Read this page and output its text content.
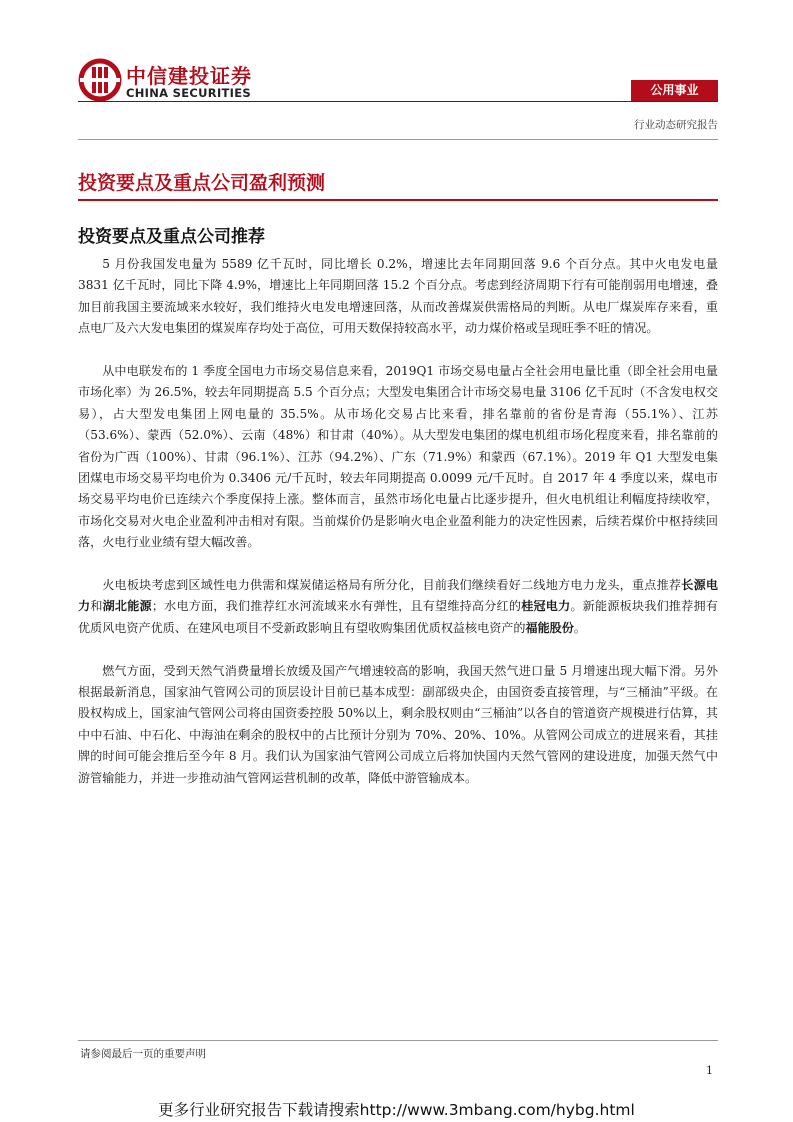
中信建投证券
CHINA SECURITIES	公用事业
行业动态研究报告
投资要点及重点公司盈利预测
投资要点及重点公司推荐

5 月份我国发电量为 5589 亿千瓦时，同比增长 0.2%，增速比去年同期回落 9.6 个百分点。其中火电发电量 3831 亿千瓦时，同比下降 4.9%，增速比上年同期回落 15.2 个百分点。考虑到经济周期下行有可能削弱用电增速，叠加目前我国主要流域来水较好，我们维持火电发电增速回落，从而改善煤炭供需格局的判断。从电厂煤炭库存来看，重点电厂及六大发电集团的煤炭库存均处于高位，可用天数保持较高水平，动力煤价格或呈现旺季不旺的情况。

从中电联发布的 1 季度全国电力市场交易信息来看，2019Q1 市场交易电量占全社会用电量比重（即全社会用电量市场化率）为 26.5%，较去年同期提高 5.5 个百分点；大型发电集团合计市场交易电量 3106 亿千瓦时（不含发电权交易），占大型发电集团上网电量的 35.5%。从市场化交易占比来看，排名靠前的省份是青海（55.1%）、江苏（53.6%）、蒙西（52.0%）、云南（48%）和甘肃（40%）。从大型发电集团的煤电机组市场化程度来看，排名靠前的省份为广西（100%）、甘肃（96.1%）、江苏（94.2%）、广东（71.9%）和蒙西（67.1%）。2019 年 Q1 大型发电集团煤电市场交易平均电价为 0.3406 元/千瓦时，较去年同期提高 0.0099 元/千瓦时。自 2017 年 4 季度以来，煤电市场交易平均电价已连续六个季度保持上涨。整体而言，虽然市场化电量占比逐步提升，但火电机组让利幅度持续收窄，市场化交易对火电企业盈利冲击相对有限。当前煤价仍是影响火电企业盈利能力的决定性因素，后续若煤价中枢持续回落，火电行业业绩有望大幅改善。

火电板块考虑到区域性电力供需和煤炭储运格局有所分化，目前我们继续看好二线地方电力龙头，重点推荐长源电力和湖北能源；水电方面，我们推荐红水河流域来水有弹性，且有望维持高分红的桂冠电力。新能源板块我们推荐拥有优质风电资产优质、在建风电项目不受新政影响且有望收购集团优质权益核电资产的福能股份。

燃气方面，受到天然气消费量增长放缓及国产气增速较高的影响，我国天然气进口量 5 月增速出现大幅下滑。另外根据最新消息，国家油气管网公司的顶层设计目前已基本成型：副部级央企，由国资委直接管理，与“三桶油”平级。在股权构成上，国家油气管网公司将由国资委控股 50%以上，剩余股权则由“三桶油”以各自的管道资产规模进行估算，其中中石油、中石化、中海油在剩余的股权中的占比预计分别为 70%、20%、10%。从管网公司成立的进展来看，其挂牌的时间可能会推后至今年 8 月。我们认为国家油气管网公司成立后将加快国内天然气管网的建设进度，加强天然气中游管输能力，并进一步推动油气管网运营机制的改革，降低中游管输成本。

请参阅最后一页的重要声明
1
更多行业研究报告下载请搜索http://www.3mbang.com/hybg.html
